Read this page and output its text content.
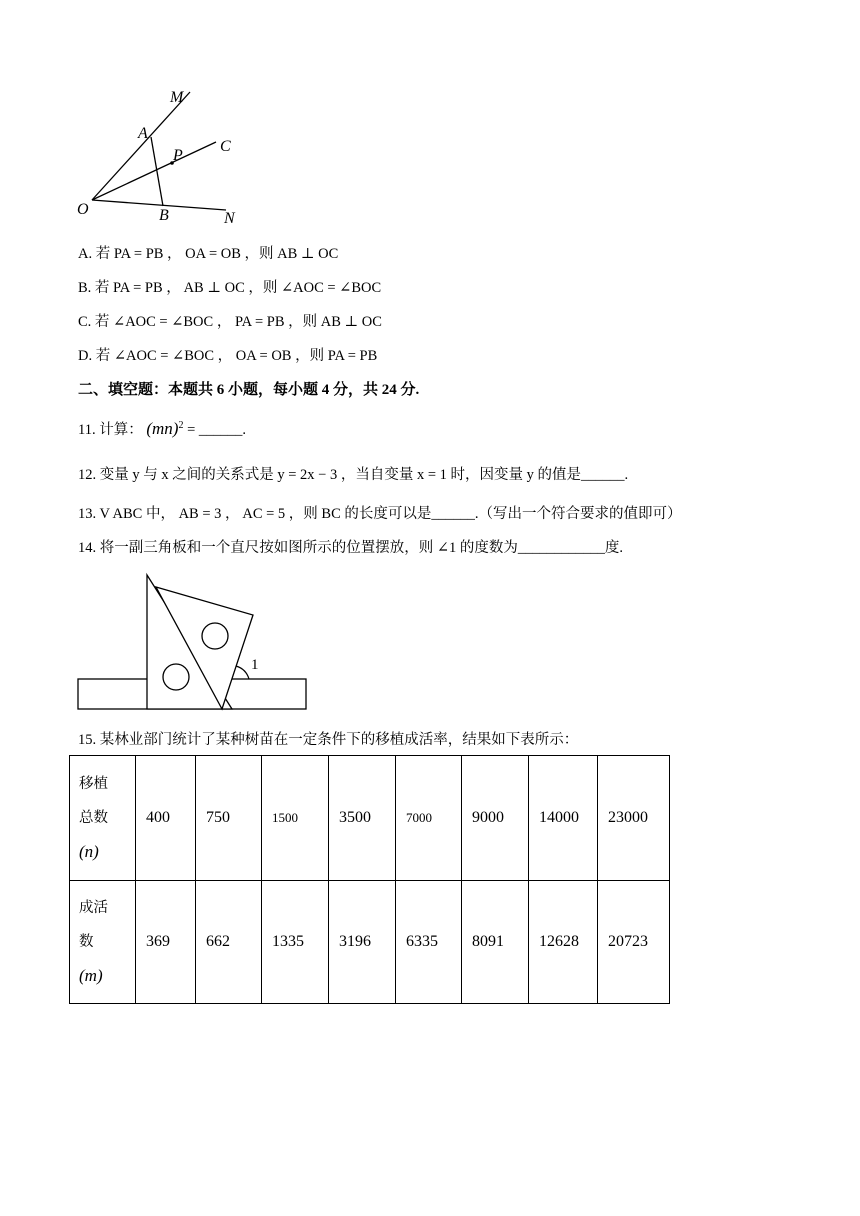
M
A
P
C
O	B	N
A. 若 PA = PB ， OA = OB ，则 AB ⊥ OC
B. 若 PA = PB ， AB ⊥ OC ，则 ∠AOC = ∠BOC
C. 若 ∠AOC = ∠BOC ， PA = PB ，则 AB ⊥ OC
D. 若 ∠AOC = ∠BOC ， OA = OB ，则 PA = PB
二、填空题：本题共 6 小题，每小题 4 分，共 24 分.
11. 计算： (mn)$^2$ = ______.
12. 变量 y 与 x 之间的关系式是 y = 2x − 3 ，当自变量 x = 1 时，因变量 y 的值是______.
13. V ABC 中， AB = 3 ， AC = 5 ，则 BC 的长度可以是______.（写出一个符合要求的值即可）
14. 将一副三角板和一个直尺按如图所示的位置摆放，则 ∠1 的度数为____________度.
1
15. 某林业部门统计了某种树苗在一定条件下的移植成活率，结果如下表所示：
移植
总数
(n)	400	750	1500	3500	7000	9000	14000	23000

成活
数
(m)	369	662	1335	3196	6335	8091	12628	20723
